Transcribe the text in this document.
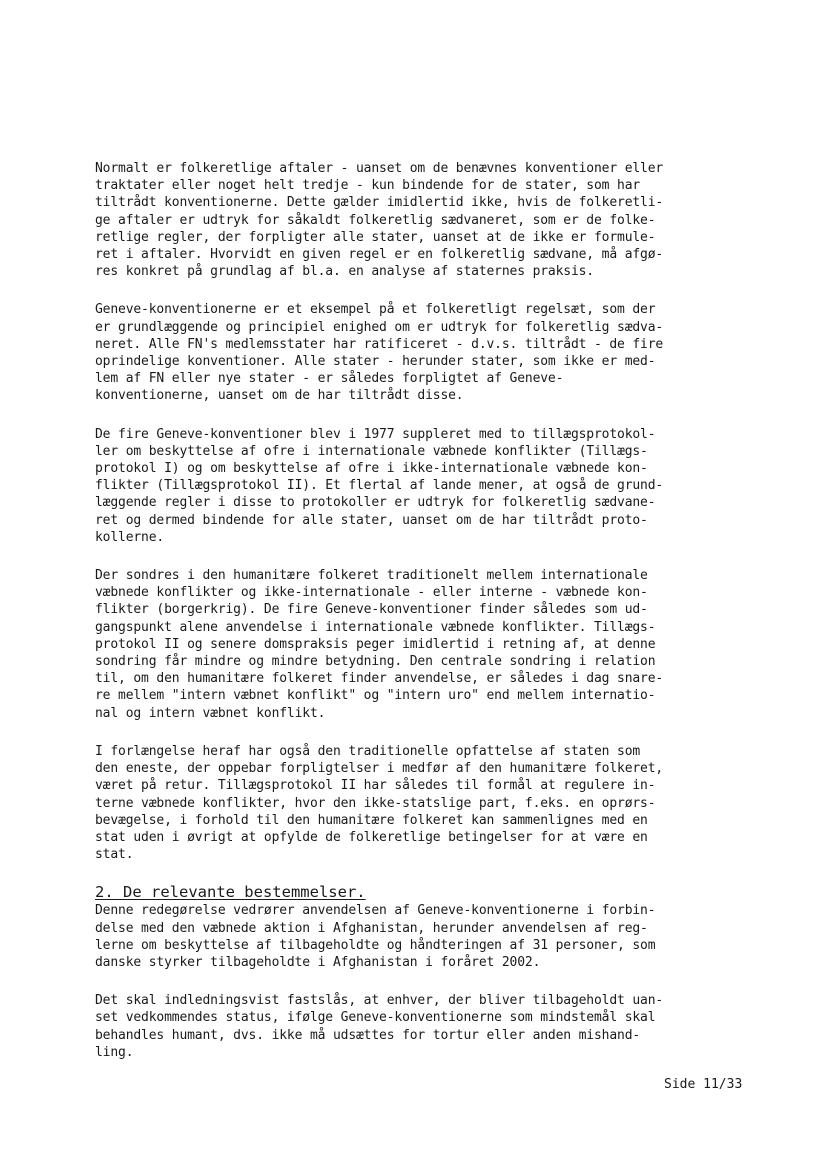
Normalt er folkeretlige aftaler - uanset om de benævnes konventioner eller
traktater eller noget helt tredje - kun bindende for de stater, som har
tiltrådt konventionerne. Dette gælder imidlertid ikke, hvis de folkeretli-
ge aftaler er udtryk for såkaldt folkeretlig sædvaneret, som er de folke-
retlige regler, der forpligter alle stater, uanset at de ikke er formule-
ret i aftaler. Hvorvidt en given regel er en folkeretlig sædvane, må afgø-
res konkret på grundlag af bl.a. en analyse af staternes praksis.

Geneve-konventionerne er et eksempel på et folkeretligt regelsæt, som der
er grundlæggende og principiel enighed om er udtryk for folkeretlig sædva-
neret. Alle FN's medlemsstater har ratificeret - d.v.s. tiltrådt - de fire
oprindelige konventioner. Alle stater - herunder stater, som ikke er med-
lem af FN eller nye stater - er således forpligtet af Geneve-
konventionerne, uanset om de har tiltrådt disse.

De fire Geneve-konventioner blev i 1977 suppleret med to tillægsprotokol-
ler om beskyttelse af ofre i internationale væbnede konflikter (Tillægs-
protokol I) og om beskyttelse af ofre i ikke-internationale væbnede kon-
flikter (Tillægsprotokol II). Et flertal af lande mener, at også de grund-
læggende regler i disse to protokoller er udtryk for folkeretlig sædvane-
ret og dermed bindende for alle stater, uanset om de har tiltrådt proto-
kollerne.

Der sondres i den humanitære folkeret traditionelt mellem internationale
væbnede konflikter og ikke-internationale - eller interne - væbnede kon-
flikter (borgerkrig). De fire Geneve-konventioner finder således som ud-
gangspunkt alene anvendelse i internationale væbnede konflikter. Tillægs-
protokol II og senere domspraksis peger imidlertid i retning af, at denne
sondring får mindre og mindre betydning. Den centrale sondring i relation
til, om den humanitære folkeret finder anvendelse, er således i dag snare-
re mellem "intern væbnet konflikt" og "intern uro" end mellem internatio-
nal og intern væbnet konflikt.

I forlængelse heraf har også den traditionelle opfattelse af staten som
den eneste, der oppebar forpligtelser i medfør af den humanitære folkeret,
været på retur. Tillægsprotokol II har således til formål at regulere in-
terne væbnede konflikter, hvor den ikke-statslige part, f.eks. en oprørs-
bevægelse, i forhold til den humanitære folkeret kan sammenlignes med en
stat uden i øvrigt at opfylde de folkeretlige betingelser for at være en
stat.

2. De relevante bestemmelser.

Denne redegørelse vedrører anvendelsen af Geneve-konventionerne i forbin-
delse med den væbnede aktion i Afghanistan, herunder anvendelsen af reg-
lerne om beskyttelse af tilbageholdte og håndteringen af 31 personer, som
danske styrker tilbageholdte i Afghanistan i foråret 2002.

Det skal indledningsvist fastslås, at enhver, der bliver tilbageholdt uan-
set vedkommendes status, ifølge Geneve-konventionerne som mindstemål skal
behandles humant, dvs. ikke må udsættes for tortur eller anden mishand-
ling.

Side 11/33
